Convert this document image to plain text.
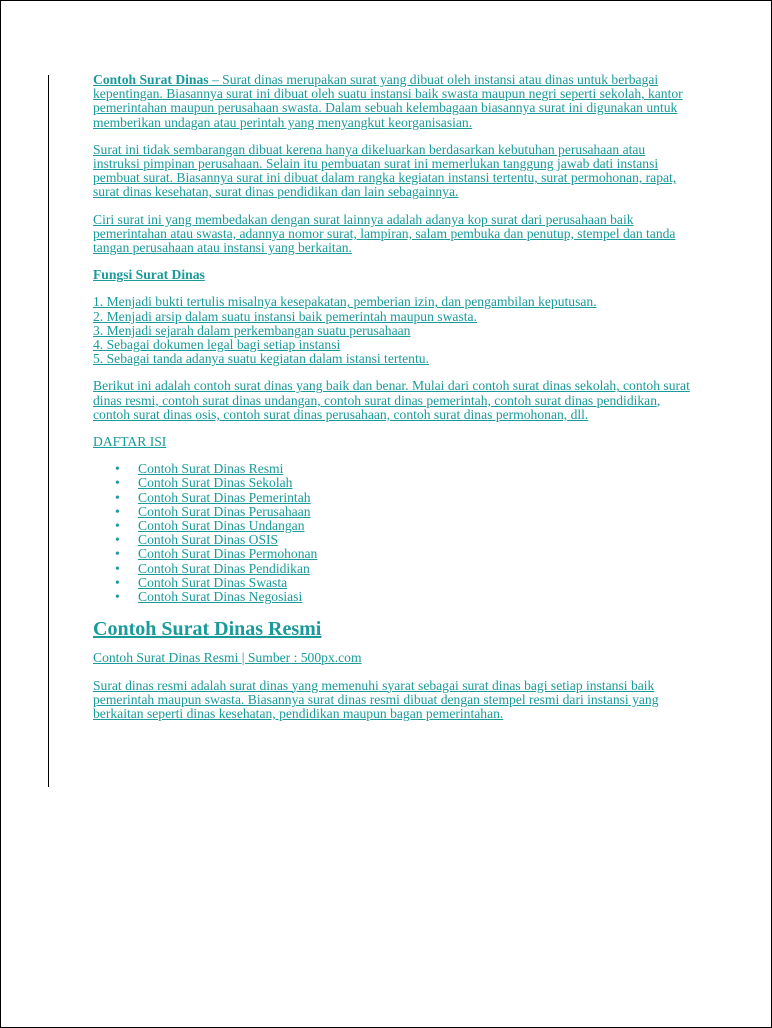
Contoh Surat Dinas – Surat dinas merupakan surat yang dibuat oleh instansi atau dinas untuk berbagai kepentingan. Biasannya surat ini dibuat oleh suatu instansi baik swasta maupun negri seperti sekolah, kantor pemerintahan maupun perusahaan swasta. Dalam sebuah kelembagaan biasannya surat ini digunakan untuk memberikan undagan atau perintah yang menyangkut keorganisasian.

Surat ini tidak sembarangan dibuat kerena hanya dikeluarkan berdasarkan kebutuhan perusahaan atau instruksi pimpinan perusahaan. Selain itu pembuatan surat ini memerlukan tanggung jawab dati instansi pembuat surat. Biasannya surat ini dibuat dalam rangka kegiatan instansi tertentu, surat permohonan, rapat, surat dinas kesehatan, surat dinas pendidikan dan lain sebagainnya.

Ciri surat ini yang membedakan dengan surat lainnya adalah adanya kop surat dari perusahaan baik pemerintahan atau swasta, adannya nomor surat, lampiran, salam pembuka dan penutup, stempel dan tanda tangan perusahaan atau instansi yang berkaitan.

Fungsi Surat Dinas

1. Menjadi bukti tertulis misalnya kesepakatan, pemberian izin, dan pengambilan keputusan.
2. Menjadi arsip dalam suatu instansi baik pemerintah maupun swasta.
3. Menjadi sejarah dalam perkembangan suatu perusahaan
4. Sebagai dokumen legal bagi setiap instansi
5. Sebagai tanda adanya suatu kegiatan dalam istansi tertentu.

Berikut ini adalah contoh surat dinas yang baik dan benar. Mulai dari contoh surat dinas sekolah, contoh surat dinas resmi, contoh surat dinas undangan, contoh surat dinas pemerintah, contoh surat dinas pendidikan, contoh surat dinas osis, contoh surat dinas perusahaan, contoh surat dinas permohonan, dll.

DAFTAR ISI

• Contoh Surat Dinas Resmi
• Contoh Surat Dinas Sekolah
• Contoh Surat Dinas Pemerintah
• Contoh Surat Dinas Perusahaan
• Contoh Surat Dinas Undangan
• Contoh Surat Dinas OSIS
• Contoh Surat Dinas Permohonan
• Contoh Surat Dinas Pendidikan
• Contoh Surat Dinas Swasta
• Contoh Surat Dinas Negosiasi
Contoh Surat Dinas Resmi

Contoh Surat Dinas Resmi | Sumber : 500px.com

Surat dinas resmi adalah surat dinas yang memenuhi syarat sebagai surat dinas bagi setiap instansi baik pemerintah maupun swasta. Biasannya surat dinas resmi dibuat dengan stempel resmi dari instansi yang berkaitan seperti dinas kesehatan, pendidikan maupun bagan pemerintahan.
